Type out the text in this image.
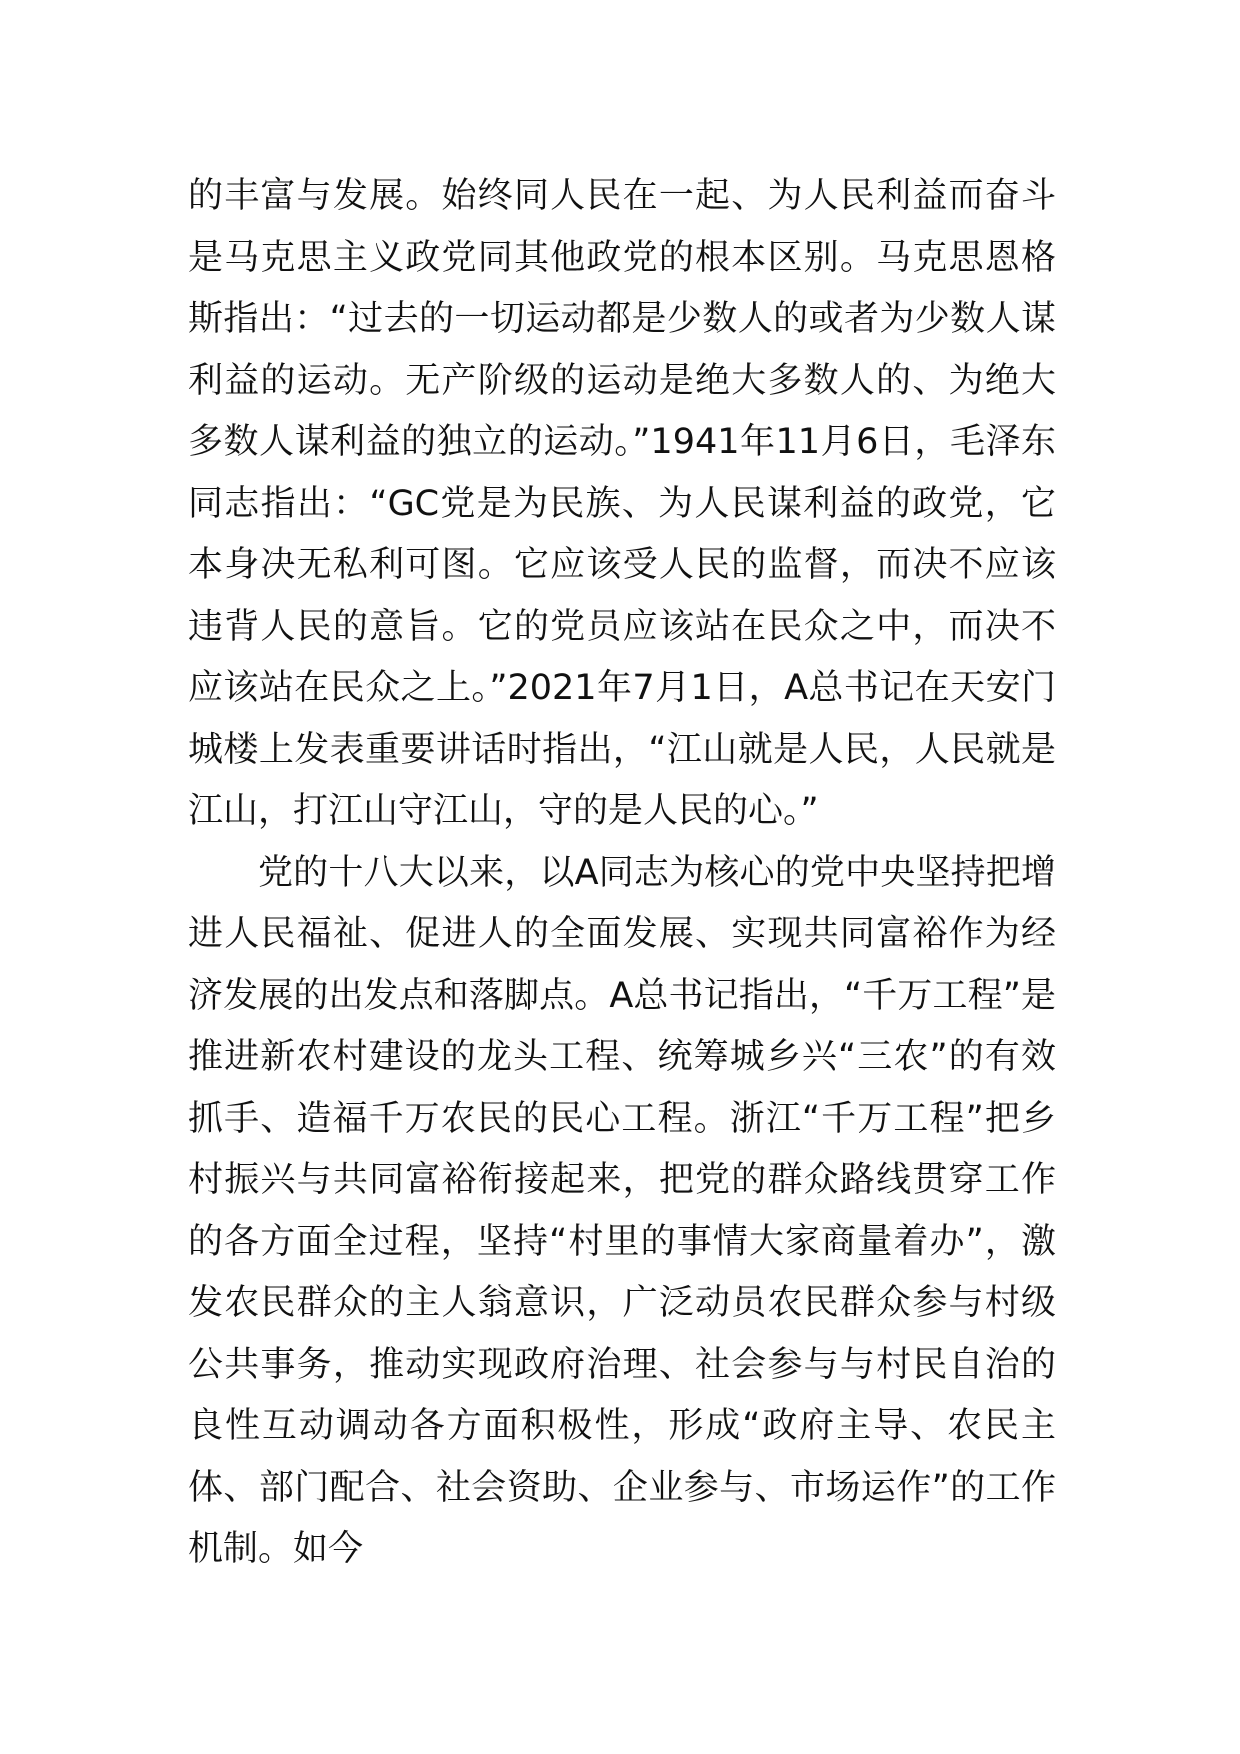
的丰富与发展。始终同人民在一起、为人民利益而奋斗是马克思主义政党同其他政党的根本区别。马克思恩格斯指出：“过去的一切运动都是少数人的或者为少数人谋利益的运动。无产阶级的运动是绝大多数人的、为绝大多数人谋利益的独立的运动。”1941年11月6日，毛泽东同志指出：“GC党是为民族、为人民谋利益的政党，它本身决无私利可图。它应该受人民的监督，而决不应该违背人民的意旨。它的党员应该站在民众之中，而决不应该站在民众之上。”2021年7月1日，A总书记在天安门城楼上发表重要讲话时指出，“江山就是人民，人民就是江山，打江山守江山，守的是人民的心。”

党的十八大以来，以A同志为核心的党中央坚持把增进人民福祉、促进人的全面发展、实现共同富裕作为经济发展的出发点和落脚点。A总书记指出，“千万工程”是推进新农村建设的龙头工程、统筹城乡兴“三农”的有效抓手、造福千万农民的民心工程。浙江“千万工程”把乡村振兴与共同富裕衔接起来，把党的群众路线贯穿工作的各方面全过程，坚持“村里的事情大家商量着办”，激发农民群众的主人翁意识，广泛动员农民群众参与村级公共事务，推动实现政府治理、社会参与与村民自治的良性互动调动各方面积极性，形成“政府主导、农民主体、部门配合、社会资助、企业参与、市场运作”的工作机制。如今
